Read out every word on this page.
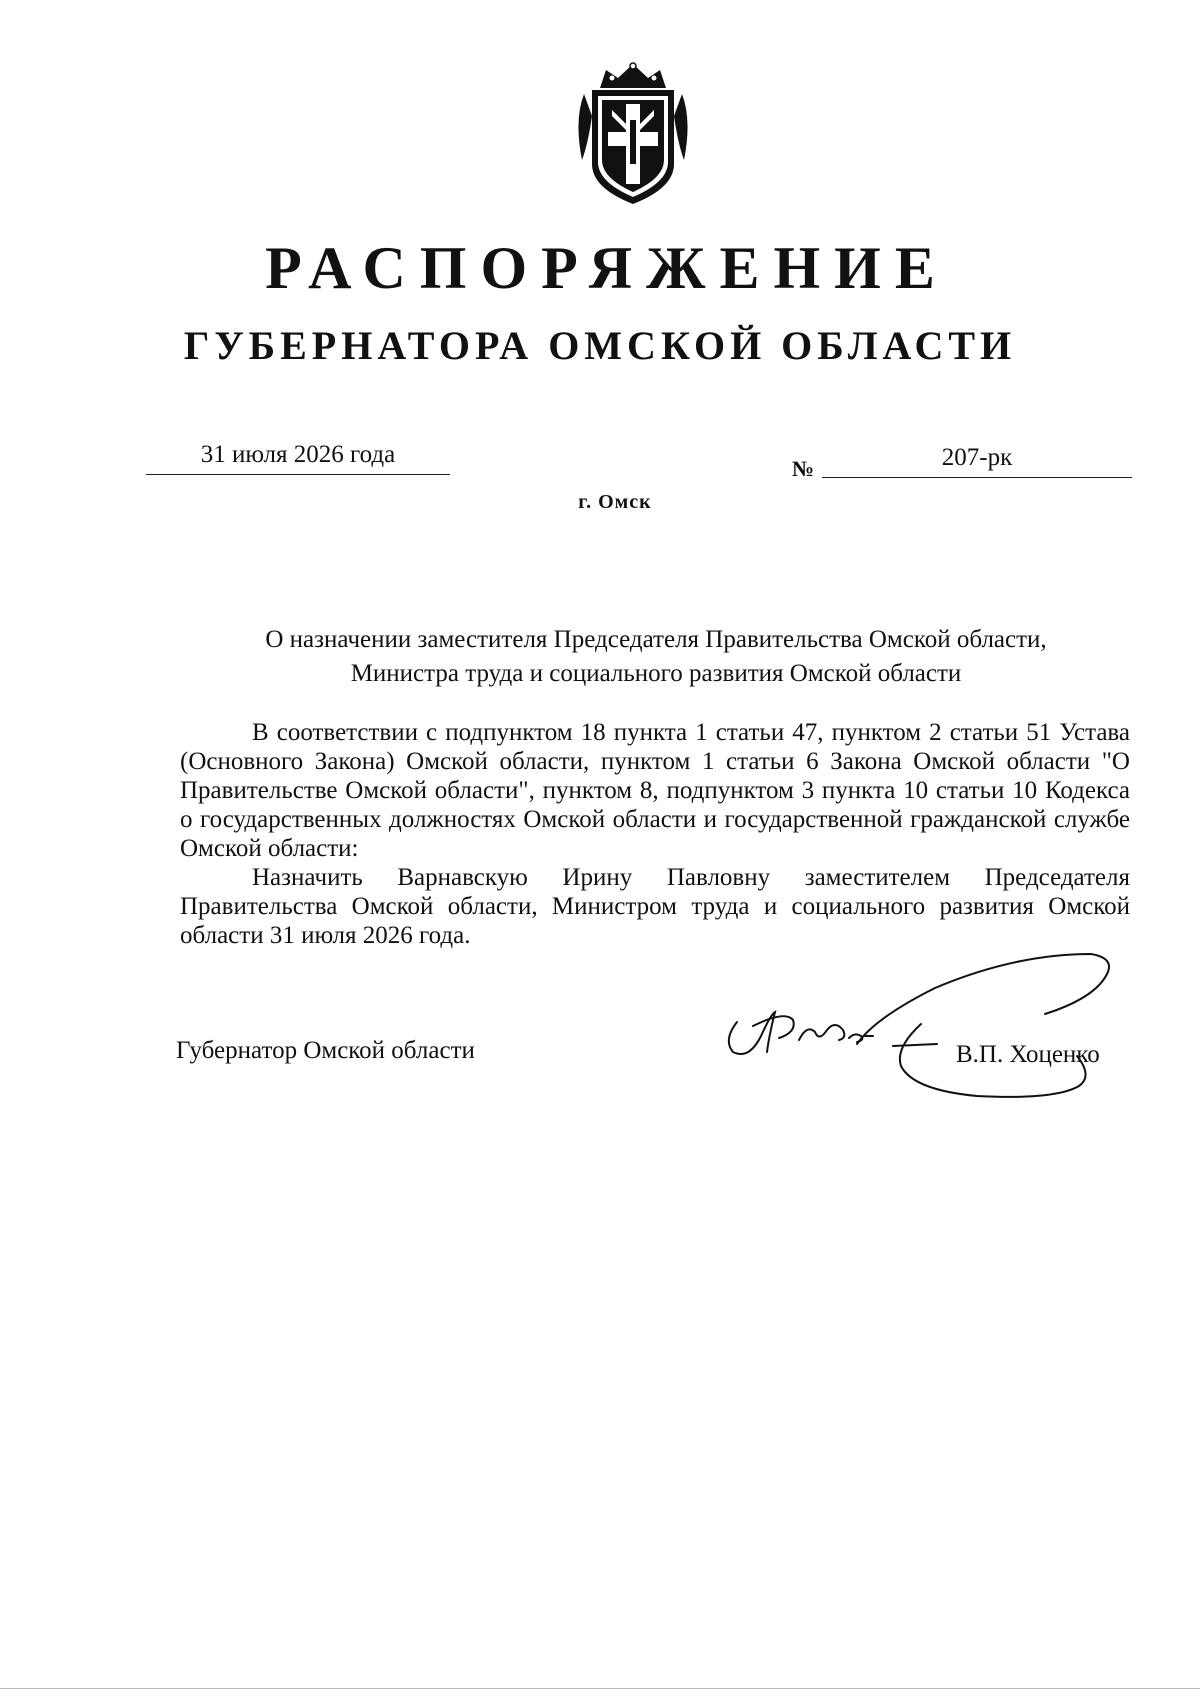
РАСПОРЯЖЕНИЕ
ГУБЕРНАТОРА ОМСКОЙ ОБЛАСТИ
31 июля 2026 года
№	207-рк
г. Омск
О назначении заместителя Председателя Правительства Омской области,
Министра труда и социального развития Омской области

В соответствии с подпунктом 18 пункта 1 статьи 47, пунктом 2 статьи 51 Устава (Основного Закона) Омской области, пунктом 1 статьи 6 Закона Омской области "О Правительстве Омской области", пунктом 8, подпунктом 3 пункта 10 статьи 10 Кодекса о государственных должностях Омской области и государственной гражданской службе Омской области:

Назначить Варнавскую Ирину Павловну заместителем Председателя Правительства Омской области, Министром труда и социального развития Омской области 31 июля 2026 года.

Губернатор Омской области	В.П. Хоценко
